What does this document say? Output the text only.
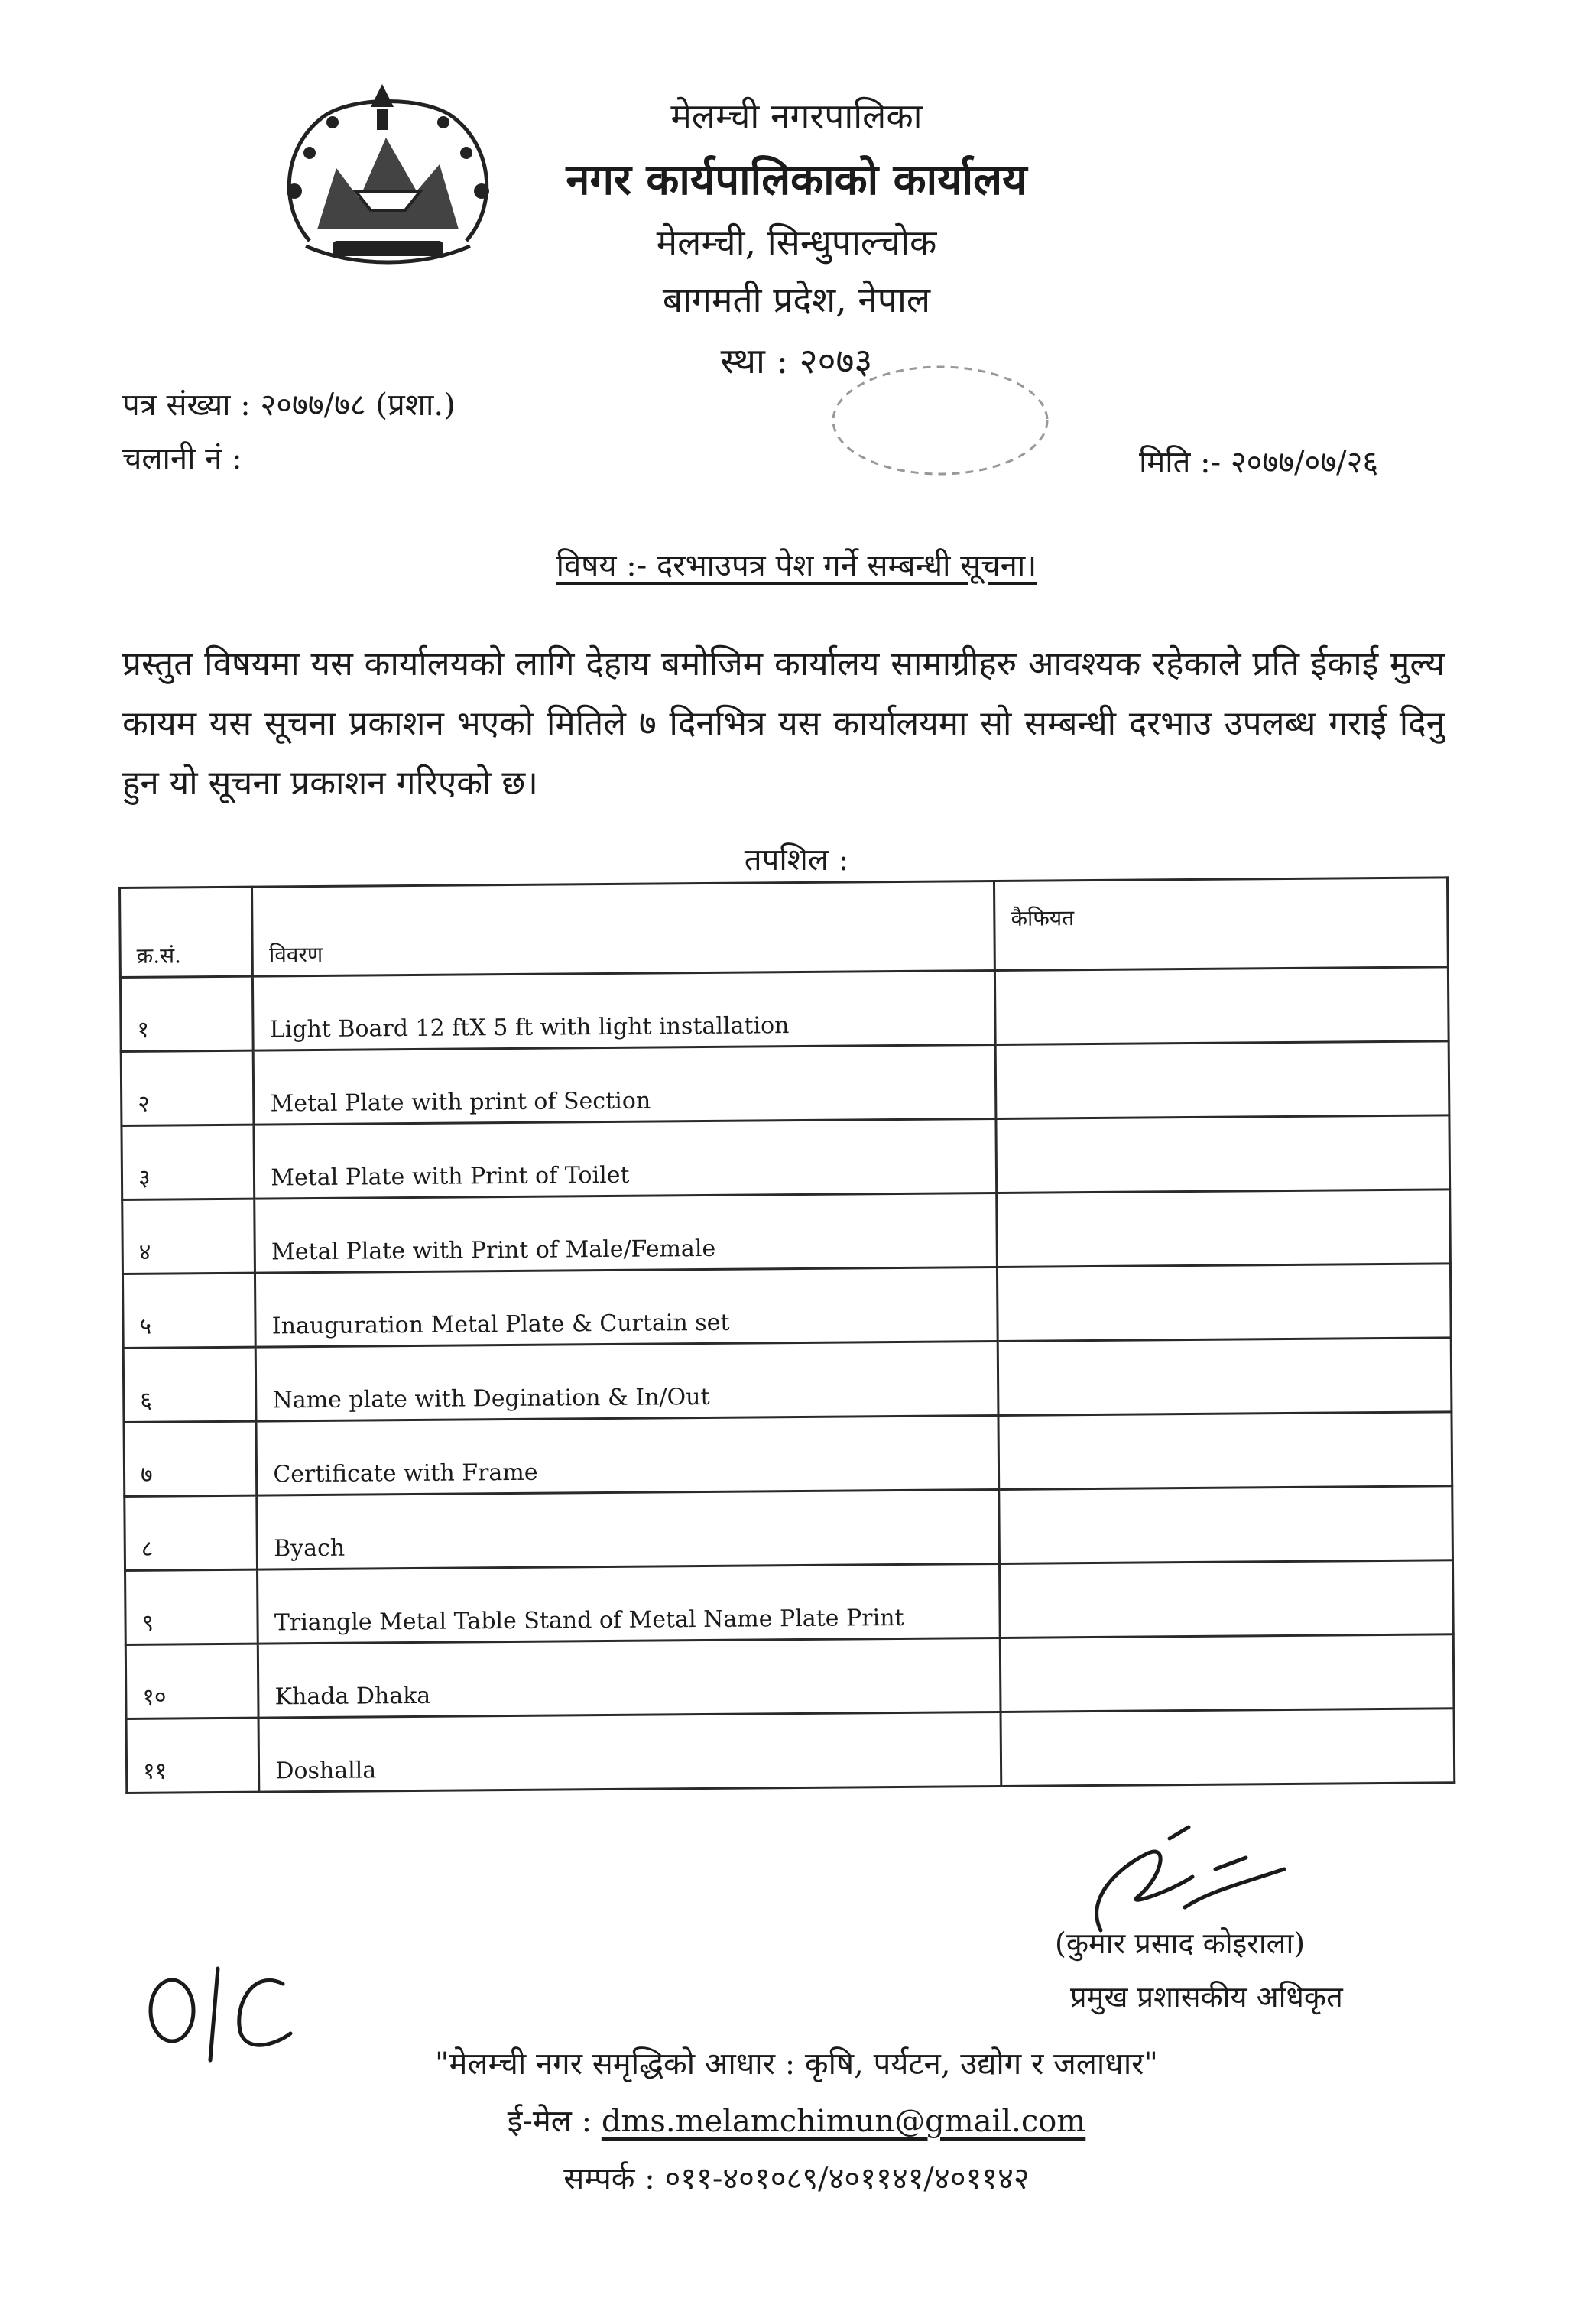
मेलम्ची नगरपालिका
नगर कार्यपालिकाको कार्यालय
मेलम्ची, सिन्धुपाल्चोक
बागमती प्रदेश, नेपाल
स्था : २०७३
पत्र संख्या : २०७७/७८ (प्रशा.)
चलानी नं :	मिति :- २०७७/०७/२६
विषय :- दरभाउपत्र पेश गर्ने सम्बन्धी सूचना।
प्रस्तुत विषयमा यस कार्यालयको लागि देहाय बमोजिम कार्यालय सामाग्रीहरु आवश्यक रहेकाले प्रति ईकाई मुल्य कायम यस सूचना प्रकाशन भएको मितिले ७ दिनभित्र यस कार्यालयमा सो सम्बन्धी दरभाउ उपलब्ध गराई दिनु हुन यो सूचना प्रकाशन गरिएको छ।
तपशिल :
क्र.सं.	विवरण	कैफियत
१	Light Board 12 ftX 5 ft with light installation	
२	Metal Plate with print of Section	
३	Metal Plate with Print of Toilet	
४	Metal Plate with Print of Male/Female	
५	Inauguration Metal Plate & Curtain set	
६	Name plate with Degination & In/Out	
७	Certificate with Frame	
८	Byach	
९	Triangle Metal Table Stand of Metal Name Plate Print	
१०	Khada Dhaka	
११	Doshalla	
(कुमार प्रसाद कोइराला)
प्रमुख प्रशासकीय अधिकृत
"मेलम्ची नगर समृद्धिको आधार : कृषि, पर्यटन, उद्योग र जलाधार"
ई-मेल : dms.melamchimun@gmail.com
सम्पर्क : ०११-४०१०८९/४०११४१/४०११४२
